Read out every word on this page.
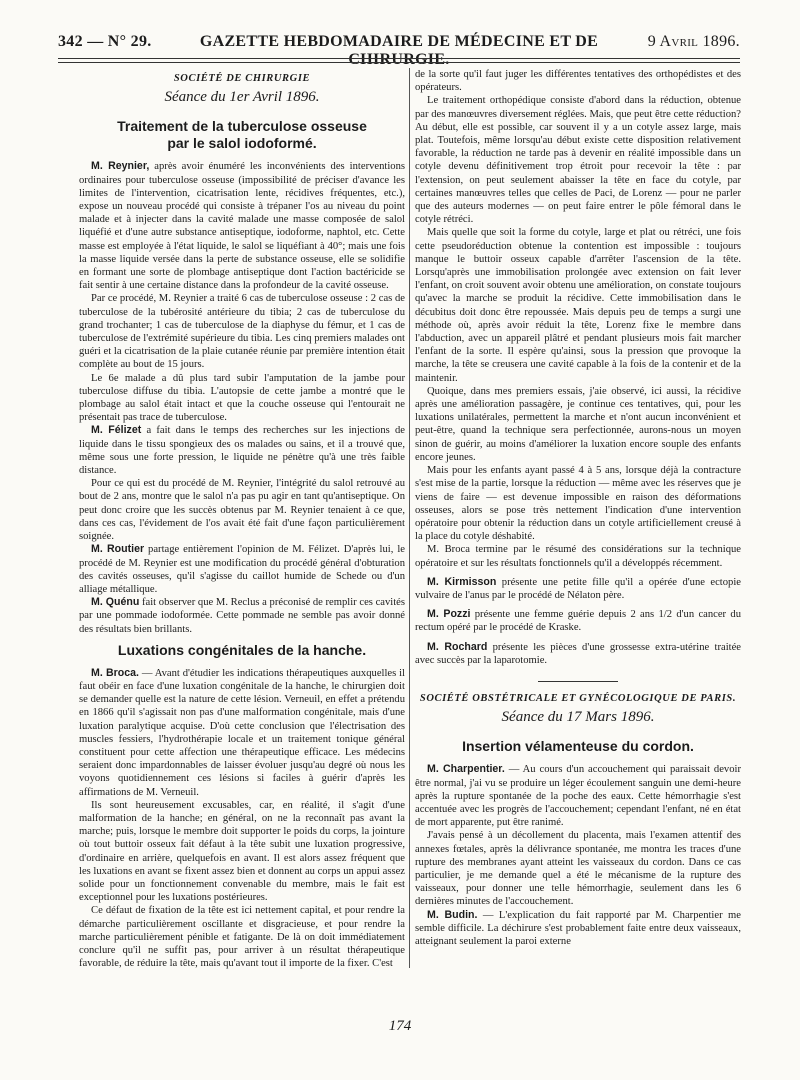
342 — N° 29.	GAZETTE HEBDOMADAIRE DE MÉDECINE ET DE CHIRURGIE.
9 Avril 1896.
SOCIÉTÉ DE CHIRURGIE
Séance du 1er Avril 1896.
Traitement de la tuberculose osseuse
par le salol iodoformé.

M. Reynier, après avoir énuméré les inconvénients des interventions ordinaires pour tuberculose osseuse (impossibilité de préciser d'avance les limites de l'intervention, cicatrisation lente, récidives fréquentes, etc.), expose un nouveau procédé qui consiste à trépaner l'os au niveau du point malade et à injecter dans la cavité malade une masse composée de salol liquéfié et d'une autre substance antiseptique, iodoforme, naphtol, etc. Cette masse est employée à l'état liquide, le salol se liquéfiant à 40°; mais une fois la masse liquide versée dans la perte de substance osseuse, elle se solidifie en formant une sorte de plombage antiseptique dont l'action bactéricide se fait sentir à une certaine distance dans la profondeur de la cavité osseuse.

Par ce procédé, M. Reynier a traité 6 cas de tuberculose osseuse : 2 cas de tuberculose de la tubérosité antérieure du tibia; 2 cas de tuberculose du grand trochanter; 1 cas de tuberculose de la diaphyse du fémur, et 1 cas de tuberculose de l'extrémité supérieure du tibia. Les cinq premiers malades ont guéri et la cicatrisation de la plaie cutanée réunie par première intention était complète au bout de 15 jours.

Le 6e malade a dû plus tard subir l'amputation de la jambe pour tuberculose diffuse du tibia. L'autopsie de cette jambe a montré que le plombage au salol était intact et que la couche osseuse qui l'entourait ne présentait pas trace de tuberculose.

M. Félizet a fait dans le temps des recherches sur les injections de liquide dans le tissu spongieux des os malades ou sains, et il a trouvé que, même sous une forte pression, le liquide ne pénètre qu'à une très faible distance.

Pour ce qui est du procédé de M. Reynier, l'intégrité du salol retrouvé au bout de 2 ans, montre que le salol n'a pas pu agir en tant qu'antiseptique. On peut donc croire que les succès obtenus par M. Reynier tenaient à ce que, dans ces cas, l'évidement de l'os avait été fait d'une façon particulièrement soignée.

M. Routier partage entièrement l'opinion de M. Félizet. D'après lui, le procédé de M. Reynier est une modification du procédé général d'obturation des cavités osseuses, qu'il s'agisse du caillot humide de Schede ou d'un alliage métallique.

M. Quénu fait observer que M. Reclus a préconisé de remplir ces cavités par une pommade iodoformée. Cette pommade ne semble pas avoir donné des résultats bien brillants.

Luxations congénitales de la hanche.

M. Broca. — Avant d'étudier les indications thérapeutiques auxquelles il faut obéir en face d'une luxation congénitale de la hanche, le chirurgien doit se demander quelle est la nature de cette lésion. Verneuil, en effet a prétendu en 1866 qu'il s'agissait non pas d'une malformation congénitale, mais d'une luxation paralytique acquise. D'où cette conclusion que l'électrisation des muscles fessiers, l'hydrothérapie locale et un traitement tonique général constituent pour cette affection une thérapeutique efficace. Les médecins seraient donc impardonnables de laisser évoluer jusqu'au degré où nous les voyons quotidiennement ces lésions si faciles à guérir d'après les affirmations de M. Verneuil.

Ils sont heureusement excusables, car, en réalité, il s'agit d'une malformation de la hanche; en général, on ne la reconnaît pas avant la marche; puis, lorsque le membre doit supporter le poids du corps, la jointure où tout buttoir osseux fait défaut à la tête subit une luxation progressive, d'ordinaire en arrière, quelquefois en avant. Il est alors assez fréquent que les luxations en avant se fixent assez bien et donnent au corps un appui assez solide pour un fonctionnement convenable du membre, mais le fait est exceptionnel pour les luxations postérieures.

Ce défaut de fixation de la tête est ici nettement capital, et pour rendre la démarche particulièrement oscillante et disgracieuse, et pour rendre la marche particulièrement pénible et fatigante. De là on doit immédiatement conclure qu'il ne suffit pas, pour arriver à un résultat thérapeutique favorable, de réduire la tête, mais qu'avant tout il importe de la fixer. C'est

de la sorte qu'il faut juger les différentes tentatives des orthopédistes et des opérateurs.

Le traitement orthopédique consiste d'abord dans la réduction, obtenue par des manœuvres diversement réglées. Mais, que peut être cette réduction? Au début, elle est possible, car souvent il y a un cotyle assez large, mais plat. Toutefois, même lorsqu'au début existe cette disposition relativement favorable, la réduction ne tarde pas à devenir en réalité impossible dans un cotyle devenu définitivement trop étroit pour recevoir la tête : par l'extension, on peut seulement abaisser la tête en face du cotyle, par certaines manœuvres telles que celles de Paci, de Lorenz — pour ne parler que des auteurs modernes — on peut faire entrer le pôle fémoral dans le cotyle rétréci.

Mais quelle que soit la forme du cotyle, large et plat ou rétréci, une fois cette pseudoréduction obtenue la contention est impossible : toujours manque le buttoir osseux capable d'arrêter l'ascension de la tête. Lorsqu'après une immobilisation prolongée avec extension on fait lever l'enfant, on croit souvent avoir obtenu une amélioration, on constate toujours qu'avec la marche se produit la récidive. Cette immobilisation dans le décubitus doit donc être repoussée. Mais depuis peu de temps a surgi une méthode où, après avoir réduit la tête, Lorenz fixe le membre dans l'abduction, avec un appareil plâtré et pendant plusieurs mois fait marcher l'enfant de la sorte. Il espère qu'ainsi, sous la pression que provoque la marche, la tête se creusera une cavité capable à la fois de la contenir et de la maintenir.

Quoique, dans mes premiers essais, j'aie observé, ici aussi, la récidive après une amélioration passagère, je continue ces tentatives, qui, pour les luxations unilatérales, permettent la marche et n'ont aucun inconvénient et peut-être, quand la technique sera perfectionnée, aurons-nous un moyen sinon de guérir, au moins d'améliorer la luxation encore souple des enfants encore jeunes.

Mais pour les enfants ayant passé 4 à 5 ans, lorsque déjà la contracture s'est mise de la partie, lorsque la réduction — même avec les réserves que je viens de faire — est devenue impossible en raison des déformations osseuses, alors se pose très nettement l'indication d'une intervention opératoire pour obtenir la réduction dans un cotyle artificiellement creusé à la place du cotyle déshabité.

M. Broca termine par le résumé des considérations sur la technique opératoire et sur les résultats fonctionnels qu'il a développés récemment.

M. Kirmisson présente une petite fille qu'il a opérée d'une ectopie vulvaire de l'anus par le procédé de Nélaton père.

M. Pozzi présente une femme guérie depuis 2 ans 1/2 d'un cancer du rectum opéré par le procédé de Kraske.

M. Rochard présente les pièces d'une grossesse extra-utérine traitée avec succès par la laparotomie.

SOCIÉTÉ OBSTÉTRICALE ET GYNÉCOLOGIQUE DE PARIS.
Séance du 17 Mars 1896.
Insertion vélamenteuse du cordon.

M. Charpentier. — Au cours d'un accouchement qui paraissait devoir être normal, j'ai vu se produire un léger écoulement sanguin une demi-heure après la rupture spontanée de la poche des eaux. Cette hémorrhagie s'est accentuée avec les progrès de l'accouchement; cependant l'enfant, né en état de mort apparente, put être ranimé.

J'avais pensé à un décollement du placenta, mais l'examen attentif des annexes fœtales, après la délivrance spontanée, me montra les traces d'une rupture des membranes ayant atteint les vaisseaux du cordon. Dans ce cas particulier, je me demande quel a été le mécanisme de la rupture des vaisseaux, pour donner une telle hémorrhagie, seulement dans les 6 dernières minutes de l'accouchement.

M. Budin. — L'explication du fait rapporté par M. Charpentier me semble difficile. La déchirure s'est probablement faite entre deux vaisseaux, atteignant seulement la paroi externe

174
